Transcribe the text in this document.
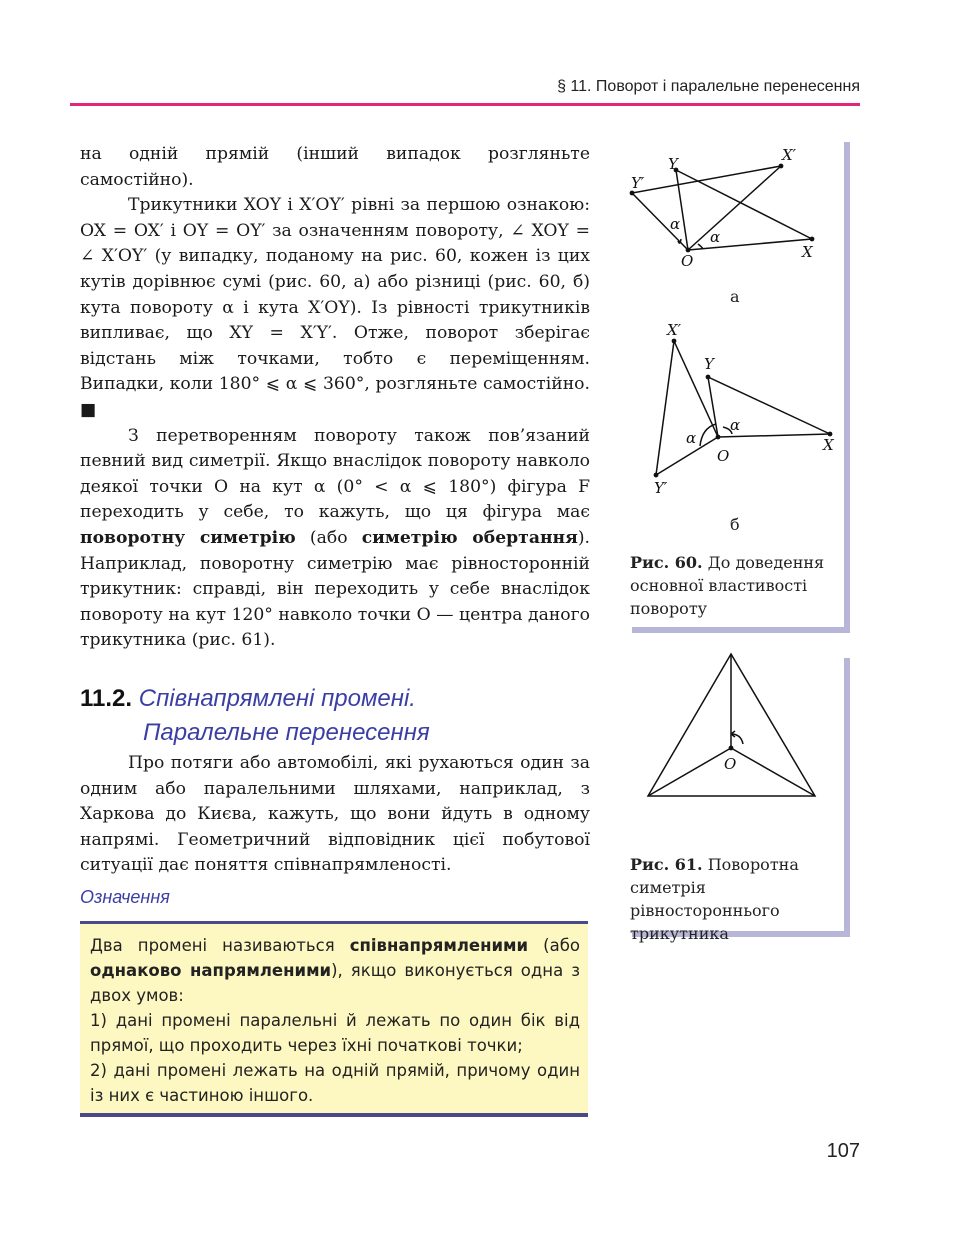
§ 11. Поворот і паралельне перенесення

на одній прямій (інший випадок розгляньте самостійно).

Трикутники XOY і X′OY′ рівні за першою ознакою: OX = OX′ і OY = OY′ за означенням повороту, ∠ XOY = ∠ X′OY′ (у випадку, поданому на рис. 60, кожен із цих кутів дорівнює сумі (рис. 60, а) або різниці (рис. 60, б) кута повороту α і кута X′OY). Із рівності трикутників випливає, що XY = X′Y′. Отже, поворот зберігає відстань між точками, тобто є переміщенням. Випадки, коли 180° ⩽ α ⩽ 360°, розгляньте самостійно. ■

З перетворенням повороту також пов’язаний певний вид симетрії. Якщо внаслідок повороту навколо деякої точки O на кут α (0° < α ⩽ 180°) фігура F переходить у себе, то кажуть, що ця фігура має поворотну симетрію (або симетрію обертання). Наприклад, поворотну симетрію має рівносторонній трикутник: справді, він переходить у себе внаслідок повороту на кут 120° навколо точки O — центра даного трикутника (рис. 61).

11.2. Співнапрямлені промені.
Паралельне перенесення

Про потяги або автомобілі, які рухаються один за одним або паралельними шляхами, наприклад, з Харкова до Києва, кажуть, що вони йдуть в одному напрямі. Геометричний відповідник цієї побутової ситуації дає поняття співнапрямленості.

Означення

Два промені називаються співнапрямленими (або однаково напрямленими), якщо виконується одна з двох умов:

1) дані промені паралельні й лежать по один бік від прямої, що проходить через їхні початкові точки;

2) дані промені лежать на одній прямій, причому один із них є частиною іншого.

O	X
Y	X′
Y′
α
α
а
O
X
Y
X′
Y′
α
α
б
Рис. 60. До доведення основної властивості повороту
O
Рис. 61. Поворотна симетрія рівностороннього трикутника
107
